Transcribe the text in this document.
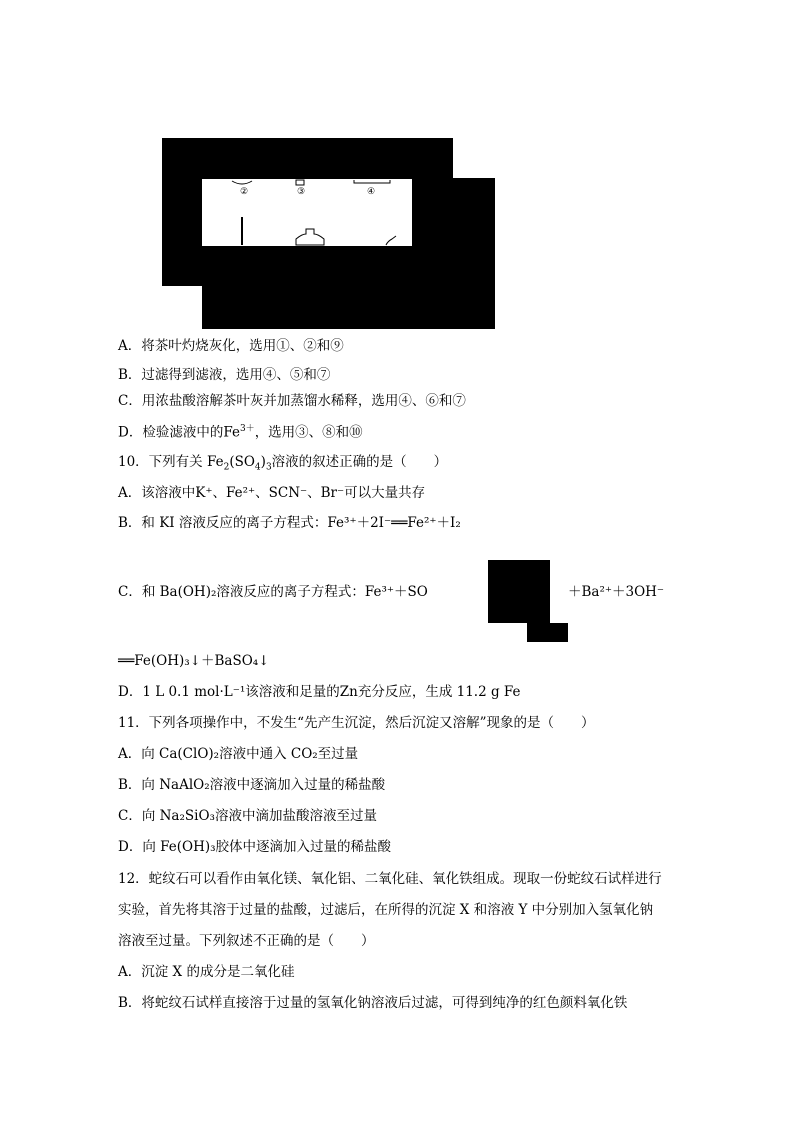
②	③	④
A．将茶叶灼烧灰化，选用①、②和⑨
B．过滤得到滤液，选用④、⑤和⑦
C．用浓盐酸溶解茶叶灰并加蒸馏水稀释，选用④、⑥和⑦
D．检验滤液中的$Fe^{3+}$，选用③、⑧和⑩
10．下列有关 $Fe_2(SO_4)_3$溶液的叙述正确的是（　　）
A．该溶液中K⁺、Fe²⁺、SCN⁻、Br⁻可以大量共存
B．和 KI 溶液反应的离子方程式：Fe³⁺＋2I⁻══Fe²⁺＋I₂
C．和 Ba(OH)₂溶液反应的离子方程式：Fe³⁺＋SO	＋Ba²⁺＋3OH⁻
══Fe(OH)₃↓＋BaSO₄↓
D．1 L 0.1 mol·L⁻¹该溶液和足量的Zn充分反应，生成 11.2 g Fe
11．下列各项操作中，不发生“先产生沉淀，然后沉淀又溶解”现象的是（　　）
A．向 Ca(ClO)₂溶液中通入 CO₂至过量
B．向 NaAlO₂溶液中逐滴加入过量的稀盐酸
C．向 Na₂SiO₃溶液中滴加盐酸溶液至过量
D．向 Fe(OH)₃胶体中逐滴加入过量的稀盐酸
12．蛇纹石可以看作由氧化镁、氧化铝、二氧化硅、氧化铁组成。现取一份蛇纹石试样进行
实验，首先将其溶于过量的盐酸，过滤后，在所得的沉淀 X 和溶液 Y 中分别加入氢氧化钠
溶液至过量。下列叙述不正确的是（　　）
A．沉淀 X 的成分是二氧化硅
B．将蛇纹石试样直接溶于过量的氢氧化钠溶液后过滤，可得到纯净的红色颜料氧化铁
